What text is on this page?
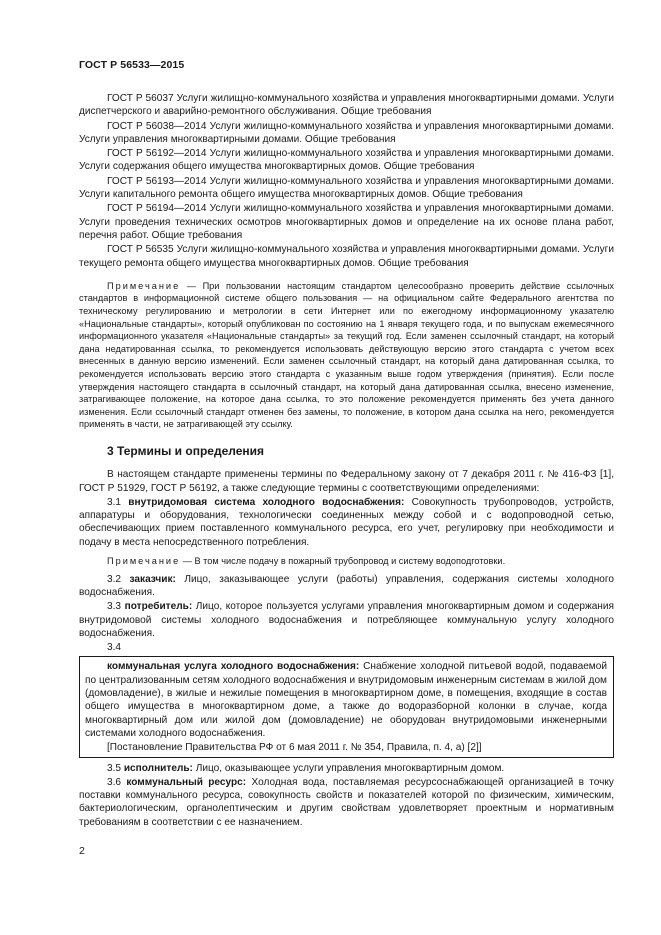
ГОСТ Р 56533—2015

ГОСТ Р 56037 Услуги жилищно-коммунального хозяйства и управления многоквартирными домами. Услуги диспетчерского и аварийно-ремонтного обслуживания. Общие требования

ГОСТ Р 56038—2014 Услуги жилищно-коммунального хозяйства и управления многоквартирными домами. Услуги управления многоквартирными домами. Общие требования

ГОСТ Р 56192—2014 Услуги жилищно-коммунального хозяйства и управления многоквартирными домами. Услуги содержания общего имущества многоквартирных домов. Общие требования

ГОСТ Р 56193—2014 Услуги жилищно-коммунального хозяйства и управления многоквартирными домами. Услуги капитального ремонта общего имущества многоквартирных домов. Общие требования

ГОСТ Р 56194—2014 Услуги жилищно-коммунального хозяйства и управления многоквартирными домами. Услуги проведения технических осмотров многоквартирных домов и определение на их основе плана работ, перечня работ. Общие требования

ГОСТ Р 56535 Услуги жилищно-коммунального хозяйства и управления многоквартирными домами. Услуги текущего ремонта общего имущества многоквартирных домов. Общие требования

Примечание — При пользовании настоящим стандартом целесообразно проверить действие ссылочных стандартов в информационной системе общего пользования — на официальном сайте Федерального агентства по техническому регулированию и метрологии в сети Интернет или по ежегодному информационному указателю «Национальные стандарты», который опубликован по состоянию на 1 января текущего года, и по выпускам ежемесячного информационного указателя «Национальные стандарты» за текущий год. Если заменен ссылочный стандарт, на который дана недатированная ссылка, то рекомендуется использовать действующую версию этого стандарта с учетом всех внесенных в данную версию изменений. Если заменен ссылочный стандарт, на который дана датированная ссылка, то рекомендуется использовать версию этого стандарта с указанным выше годом утверждения (принятия). Если после утверждения настоящего стандарта в ссылочный стандарт, на который дана датированная ссылка, внесено изменение, затрагивающее положение, на которое дана ссылка, то это положение рекомендуется применять без учета данного изменения. Если ссылочный стандарт отменен без замены, то положение, в котором дана ссылка на него, рекомендуется применять в части, не затрагивающей эту ссылку.

3 Термины и определения

В настоящем стандарте применены термины по Федеральному закону от 7 декабря 2011 г. № 416-ФЗ [1], ГОСТ Р 51929, ГОСТ Р 56192, а также следующие термины с соответствующими определениями:

3.1 внутридомовая система холодного водоснабжения: Совокупность трубопроводов, устройств, аппаратуры и оборудования, технологически соединенных между собой и с водопроводной сетью, обеспечивающих прием поставленного коммунального ресурса, его учет, регулировку при необходимости и подачу в места непосредственного потребления.

Примечание — В том числе подачу в пожарный трубопровод и систему водоподготовки.

3.2 заказчик: Лицо, заказывающее услуги (работы) управления, содержания системы холодного водоснабжения.

3.3 потребитель: Лицо, которое пользуется услугами управления многоквартирным домом и содержания внутридомовой системы холодного водоснабжения и потребляющее коммунальную услугу холодного водоснабжения.

3.4

коммунальная услуга холодного водоснабжения: Снабжение холодной питьевой водой, подаваемой по централизованным сетям холодного водоснабжения и внутридомовым инженерным системам в жилой дом (домовладение), в жилые и нежилые помещения в многоквартирном доме, в помещения, входящие в состав общего имущества в многоквартирном доме, а также до водоразборной колонки в случае, когда многоквартирный дом или жилой дом (домовладение) не оборудован внутридомовыми инженерными системами холодного водоснабжения.

[Постановление Правительства РФ от 6 мая 2011 г. № 354, Правила, п. 4, а) [2]]

3.5 исполнитель: Лицо, оказывающее услуги управления многоквартирным домом.

3.6 коммунальный ресурс: Холодная вода, поставляемая ресурсоснабжающей организацией в точку поставки коммунального ресурса, совокупность свойств и показателей которой по физическим, химическим, бактериологическим, органолептическим и другим свойствам удовлетворяет проектным и нормативным требованиям в соответствии с ее назначением.

2
